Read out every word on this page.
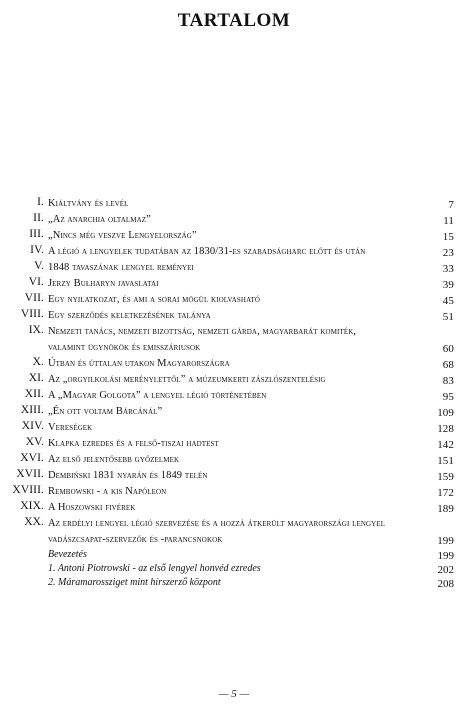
TARTALOM
I. Kiáltvány és levél	7
II. „Az anarchia oltalmaz”	11
III. „Nincs még veszve Lengyelország”	15
IV. A légió a lengyelek tudatában az 1830/31-es szabadságharc előtt és után	23
V. 1848 tavaszának lengyel reményei	33
VI. Jerzy Bułharyn javaslatai	39
VII. Egy nyilatkozat, és ami a sorai mögül kiolvasható	45
VIII. Egy szerződés keletkezésének talánya	51
IX. Nemzeti tanács, nemzeti bizottság, nemzeti gárda, magyarbarát komiték, valamint ügynökök és emisszáriusok	60
X. Útban és úttalan utakon Magyarországra	68
XI. Az „orgyilkolási merénylettől” a múzeumkerti zászlószentelésig	83
XII. A „Magyar Golgota” a lengyel légió történetében	95
XIII. „Én ott voltam Bárcánál”	109
XIV. Vereségek	128
XV. Klapka ezredes és a felső-tiszai hadtest	142
XVI. Az első jelentősebb győzelmek	151
XVII. Dembiński 1831 nyarán és 1849 telén	159
XVIII. Rembowski - a kis Napóleon	172
XIX. A Hoszowski fivérek	189
XX. Az erdélyi lengyel légió szervezése és a hozzá átkerült magyarországi lengyel vadászcsapat-szervezők és -parancsnokok	199
Bevezetés	199
1. Antoni Piotrowski - az első lengyel honvéd ezredes	202
2. Máramarossziget mint hírszerző központ	208
— 5 —
